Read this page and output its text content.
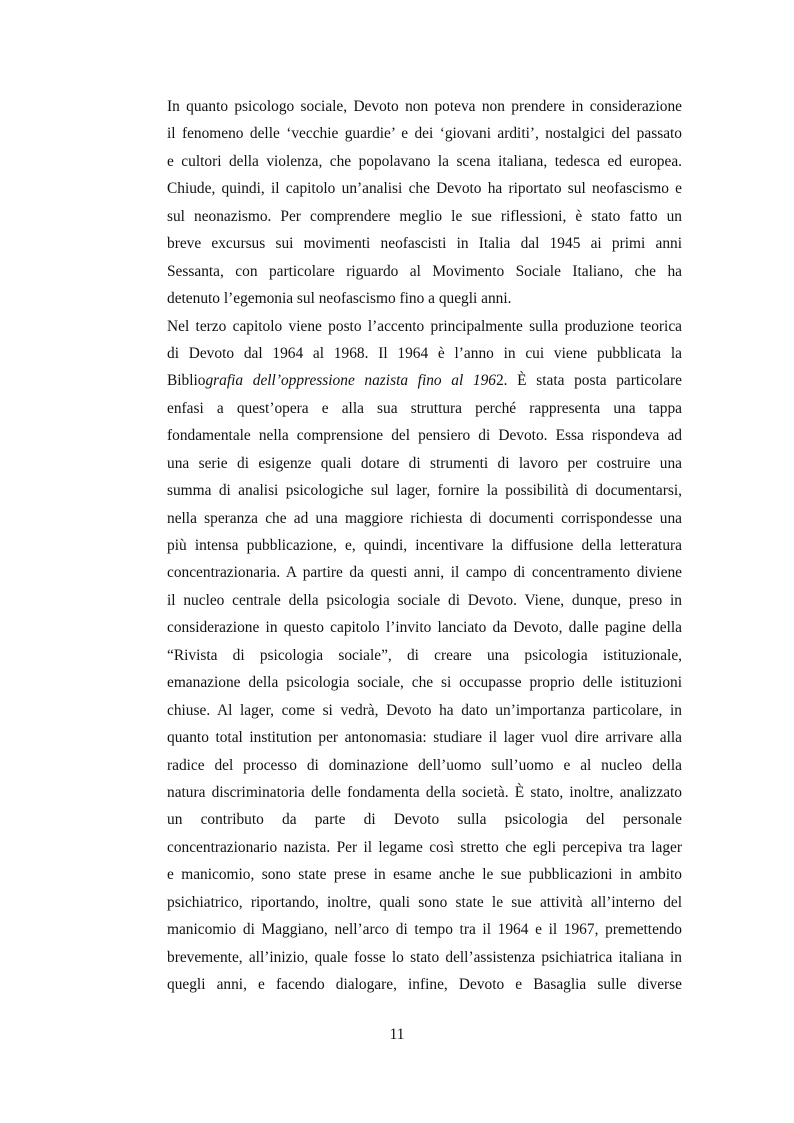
In quanto psicologo sociale, Devoto non poteva non prendere in considerazione
il fenomeno delle ‘vecchie guardie’ e dei ‘giovani arditi’, nostalgici del passato
e cultori della violenza, che popolavano la scena italiana, tedesca ed europea.
Chiude, quindi, il capitolo un’analisi che Devoto ha riportato sul neofascismo e
sul neonazismo. Per comprendere meglio le sue riflessioni, è stato fatto un
breve excursus sui movimenti neofascisti in Italia dal 1945 ai primi anni
Sessanta, con particolare riguardo al Movimento Sociale Italiano, che ha
detenuto l’egemonia sul neofascismo fino a quegli anni.
Nel terzo capitolo viene posto l’accento principalmente sulla produzione teorica
di Devoto dal 1964 al 1968. Il 1964 è l’anno in cui viene pubblicata la
Bibliografia dell’oppressione nazista fino al 1962. È stata posta particolare
enfasi a quest’opera e alla sua struttura perché rappresenta una tappa
fondamentale nella comprensione del pensiero di Devoto. Essa rispondeva ad
una serie di esigenze quali dotare di strumenti di lavoro per costruire una
summa di analisi psicologiche sul lager, fornire la possibilità di documentarsi,
nella speranza che ad una maggiore richiesta di documenti corrispondesse una
più intensa pubblicazione, e, quindi, incentivare la diffusione della letteratura
concentrazionaria. A partire da questi anni, il campo di concentramento diviene
il nucleo centrale della psicologia sociale di Devoto. Viene, dunque, preso in
considerazione in questo capitolo l’invito lanciato da Devoto, dalle pagine della
“Rivista di psicologia sociale”, di creare una psicologia istituzionale,
emanazione della psicologia sociale, che si occupasse proprio delle istituzioni
chiuse. Al lager, come si vedrà, Devoto ha dato un’importanza particolare, in
quanto total institution per antonomasia: studiare il lager vuol dire arrivare alla
radice del processo di dominazione dell’uomo sull’uomo e al nucleo della
natura discriminatoria delle fondamenta della società. È stato, inoltre, analizzato
un contributo da parte di Devoto sulla psicologia del personale
concentrazionario nazista. Per il legame così stretto che egli percepiva tra lager
e manicomio, sono state prese in esame anche le sue pubblicazioni in ambito
psichiatrico, riportando, inoltre, quali sono state le sue attività all’interno del
manicomio di Maggiano, nell’arco di tempo tra il 1964 e il 1967, premettendo
brevemente, all’inizio, quale fosse lo stato dell’assistenza psichiatrica italiana in
quegli anni, e facendo dialogare, infine, Devoto e Basaglia sulle diverse
11
